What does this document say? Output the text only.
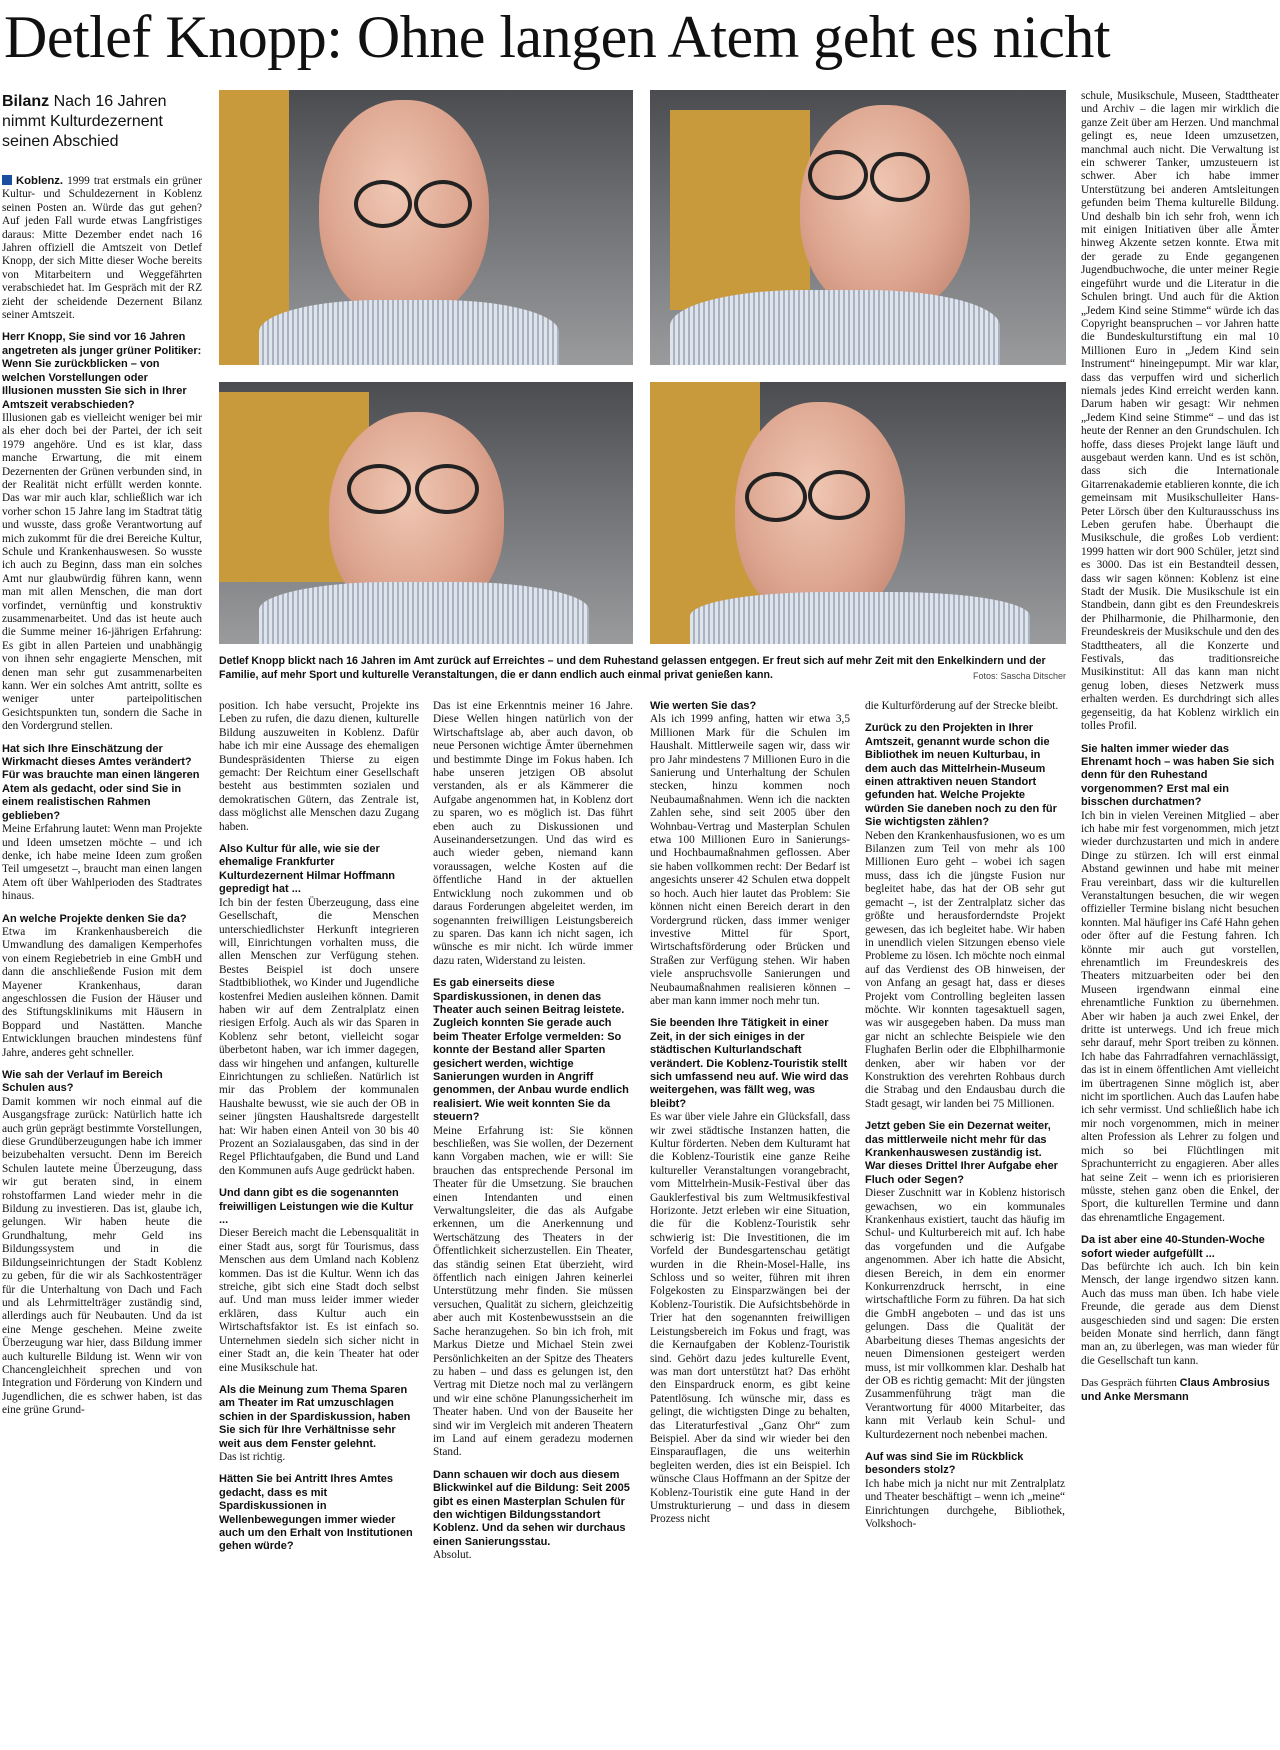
Detlef Knopp: Ohne langen Atem geht es nicht
Bilanz Nach 16 Jahren nimmt Kulturdezernent seinen Abschied

Koblenz. 1999 trat erstmals ein grüner Kultur- und Schuldezernent in Koblenz seinen Posten an. Würde das gut gehen? Auf jeden Fall wurde etwas Langfristiges daraus: Mitte Dezember endet nach 16 Jahren offiziell die Amtszeit von Detlef Knopp, der sich Mitte dieser Woche bereits von Mitarbeitern und Weggefährten verabschiedet hat. Im Gespräch mit der RZ zieht der scheidende Dezernent Bilanz seiner Amtszeit.

Herr Knopp, Sie sind vor 16 Jahren angetreten als junger grüner Politiker: Wenn Sie zurückblicken – von welchen Vorstellungen oder Illusionen mussten Sie sich in Ihrer Amtszeit verabschieden?

Illusionen gab es vielleicht weniger bei mir als eher doch bei der Partei, der ich seit 1979 angehöre. Und es ist klar, dass manche Erwartung, die mit einem Dezernenten der Grünen verbunden sind, in der Realität nicht erfüllt werden konnte. Das war mir auch klar, schließlich war ich vorher schon 15 Jahre lang im Stadtrat tätig und wusste, dass große Verantwortung auf mich zukommt für die drei Bereiche Kultur, Schule und Krankenhauswesen. So wusste ich auch zu Beginn, dass man ein solches Amt nur glaubwürdig führen kann, wenn man mit allen Menschen, die man dort vorfindet, vernünftig und konstruktiv zusammenarbeitet. Und das ist heute auch die Summe meiner 16-jährigen Erfahrung: Es gibt in allen Parteien und unabhängig von ihnen sehr engagierte Menschen, mit denen man sehr gut zusammenarbeiten kann. Wer ein solches Amt antritt, sollte es weniger unter parteipolitischen Gesichtspunkten tun, sondern die Sache in den Vordergrund stellen.

Hat sich Ihre Einschätzung der Wirkmacht dieses Amtes verändert? Für was brauchte man einen längeren Atem als gedacht, oder sind Sie in einem realistischen Rahmen geblieben?

Meine Erfahrung lautet: Wenn man Projekte und Ideen umsetzen möchte – und ich denke, ich habe meine Ideen zum großen Teil umgesetzt –, braucht man einen langen Atem oft über Wahlperioden des Stadtrates hinaus.

An welche Projekte denken Sie da?

Etwa im Krankenhausbereich die Umwandlung des damaligen Kemperhofes von einem Regiebetrieb in eine GmbH und dann die anschließende Fusion mit dem Mayener Krankenhaus, daran angeschlossen die Fusion der Häuser und des Stiftungsklinikums mit Häusern in Boppard und Nastätten. Manche Entwicklungen brauchen mindestens fünf Jahre, anderes geht schneller.

Wie sah der Verlauf im Bereich Schulen aus?

Damit kommen wir noch einmal auf die Ausgangsfrage zurück: Natürlich hatte ich auch grün geprägt bestimmte Vorstellungen, diese Grundüberzeugungen habe ich immer beizubehalten versucht. Denn im Bereich Schulen lautete meine Überzeugung, dass wir gut beraten sind, in einem rohstoffarmen Land wieder mehr in die Bildung zu investieren. Das ist, glaube ich, gelungen. Wir haben heute die Grundhaltung, mehr Geld ins Bildungssystem und in die Bildungseinrichtungen der Stadt Koblenz zu geben, für die wir als Sachkostenträger für die Unterhaltung von Dach und Fach und als Lehrmittelträger zuständig sind, allerdings auch für Neubauten. Und da ist eine Menge geschehen. Meine zweite Überzeugung war hier, dass Bildung immer auch kulturelle Bildung ist. Wenn wir von Chancengleichheit sprechen und von Integration und Förderung von Kindern und Jugendlichen, die es schwer haben, ist das eine grüne Grund-

Detlef Knopp blickt nach 16 Jahren im Amt zurück auf Erreichtes – und dem Ruhestand gelassen entgegen. Er freut sich auf mehr Zeit mit den Enkelkindern und der Familie, auf mehr Sport und kulturelle Veranstaltungen, die er dann endlich auch einmal privat genießen kann.	Fotos: Sascha Ditscher

position. Ich habe versucht, Projekte ins Leben zu rufen, die dazu dienen, kulturelle Bildung auszuweiten in Koblenz. Dafür habe ich mir eine Aussage des ehemaligen Bundespräsidenten Thierse zu eigen gemacht: Der Reichtum einer Gesellschaft besteht aus bestimmten sozialen und demokratischen Gütern, das Zentrale ist, dass möglichst alle Menschen dazu Zugang haben.

Also Kultur für alle, wie sie der ehemalige Frankfurter Kulturdezernent Hilmar Hoffmann gepredigt hat ...

Ich bin der festen Überzeugung, dass eine Gesellschaft, die Menschen unterschiedlichster Herkunft integrieren will, Einrichtungen vorhalten muss, die allen Menschen zur Verfügung stehen. Bestes Beispiel ist doch unsere Stadtbibliothek, wo Kinder und Jugendliche kostenfrei Medien ausleihen können. Damit haben wir auf dem Zentralplatz einen riesigen Erfolg. Auch als wir das Sparen in Koblenz sehr betont, vielleicht sogar überbetont haben, war ich immer dagegen, dass wir hingehen und anfangen, kulturelle Einrichtungen zu schließen. Natürlich ist mir das Problem der kommunalen Haushalte bewusst, wie sie auch der OB in seiner jüngsten Haushaltsrede dargestellt hat: Wir haben einen Anteil von 30 bis 40 Prozent an Sozialausgaben, das sind in der Regel Pflichtaufgaben, die Bund und Land den Kommunen aufs Auge gedrückt haben.

Und dann gibt es die sogenannten freiwilligen Leistungen wie die Kultur ...

Dieser Bereich macht die Lebensqualität in einer Stadt aus, sorgt für Tourismus, dass Menschen aus dem Umland nach Koblenz kommen. Das ist die Kultur. Wenn ich das streiche, gibt sich eine Stadt doch selbst auf. Und man muss leider immer wieder erklären, dass Kultur auch ein Wirtschaftsfaktor ist. Es ist einfach so. Unternehmen siedeln sich sicher nicht in einer Stadt an, die kein Theater hat oder eine Musikschule hat.

Als die Meinung zum Thema Sparen am Theater im Rat umzuschlagen schien in der Spardiskussion, haben Sie sich für Ihre Verhältnisse sehr weit aus dem Fenster gelehnt.

Das ist richtig.

Hätten Sie bei Antritt Ihres Amtes gedacht, dass es mit Spardiskussionen in Wellenbewegungen immer wieder auch um den Erhalt von Institutionen gehen würde?

Das ist eine Erkenntnis meiner 16 Jahre. Diese Wellen hingen natürlich von der Wirtschaftslage ab, aber auch davon, ob neue Personen wichtige Ämter übernehmen und bestimmte Dinge im Fokus haben. Ich habe unseren jetzigen OB absolut verstanden, als er als Kämmerer die Aufgabe angenommen hat, in Koblenz dort zu sparen, wo es möglich ist. Das führt eben auch zu Diskussionen und Auseinandersetzungen. Und das wird es auch wieder geben, niemand kann voraussagen, welche Kosten auf die öffentliche Hand in der aktuellen Entwicklung noch zukommen und ob daraus Forderungen abgeleitet werden, im sogenannten freiwilligen Leistungsbereich zu sparen. Das kann ich nicht sagen, ich wünsche es mir nicht. Ich würde immer dazu raten, Widerstand zu leisten.

Es gab einerseits diese Spardiskussionen, in denen das Theater auch seinen Beitrag leistete. Zugleich konnten Sie gerade auch beim Theater Erfolge vermelden: So konnte der Bestand aller Sparten gesichert werden, wichtige Sanierungen wurden in Angriff genommen, der Anbau wurde endlich realisiert. Wie weit konnten Sie da steuern?

Meine Erfahrung ist: Sie können beschließen, was Sie wollen, der Dezernent kann Vorgaben machen, wie er will: Sie brauchen das entsprechende Personal im Theater für die Umsetzung. Sie brauchen einen Intendanten und einen Verwaltungsleiter, die das als Aufgabe erkennen, um die Anerkennung und Wertschätzung des Theaters in der Öffentlichkeit sicherzustellen. Ein Theater, das ständig seinen Etat überzieht, wird öffentlich nach einigen Jahren keinerlei Unterstützung mehr finden. Sie müssen versuchen, Qualität zu sichern, gleichzeitig aber auch mit Kostenbewusstsein an die Sache heranzugehen. So bin ich froh, mit Markus Dietze und Michael Stein zwei Persönlichkeiten an der Spitze des Theaters zu haben – und dass es gelungen ist, den Vertrag mit Dietze noch mal zu verlängern und wir eine schöne Planungssicherheit im Theater haben. Und von der Bauseite her sind wir im Vergleich mit anderen Theatern im Land auf einem geradezu modernen Stand.

Dann schauen wir doch aus diesem Blickwinkel auf die Bildung: Seit 2005 gibt es einen Masterplan Schulen für den wichtigen Bildungsstandort Koblenz. Und da sehen wir durchaus einen Sanierungsstau.

Absolut.

Wie werten Sie das?

Als ich 1999 anfing, hatten wir etwa 3,5 Millionen Mark für die Schulen im Haushalt. Mittlerweile sagen wir, dass wir pro Jahr mindestens 7 Millionen Euro in die Sanierung und Unterhaltung der Schulen stecken, hinzu kommen noch Neubaumaßnahmen. Wenn ich die nackten Zahlen sehe, sind seit 2005 über den Wohnbau-Vertrag und Masterplan Schulen etwa 100 Millionen Euro in Sanierungs- und Hochbaumaßnahmen geflossen. Aber sie haben vollkommen recht: Der Bedarf ist angesichts unserer 42 Schulen etwa doppelt so hoch. Auch hier lautet das Problem: Sie können nicht einen Bereich derart in den Vordergrund rücken, dass immer weniger investive Mittel für Sport, Wirtschaftsförderung oder Brücken und Straßen zur Verfügung stehen. Wir haben viele anspruchsvolle Sanierungen und Neubaumaßnahmen realisieren können – aber man kann immer noch mehr tun.

Sie beenden Ihre Tätigkeit in einer Zeit, in der sich einiges in der städtischen Kulturlandschaft verändert. Die Koblenz-Touristik stellt sich umfassend neu auf. Wie wird das weitergehen, was fällt weg, was bleibt?

Es war über viele Jahre ein Glücksfall, dass wir zwei städtische Instanzen hatten, die Kultur förderten. Neben dem Kulturamt hat die Koblenz-Touristik eine ganze Reihe kultureller Veranstaltungen vorangebracht, vom Mittelrhein-Musik-Festival über das Gauklerfestival bis zum Weltmusikfestival Horizonte. Jetzt erleben wir eine Situation, die für die Koblenz-Touristik sehr schwierig ist: Die Investitionen, die im Vorfeld der Bundesgartenschau getätigt wurden in die Rhein-Mosel-Halle, ins Schloss und so weiter, führen mit ihren Folgekosten zu Einsparzwängen bei der Koblenz-Touristik. Die Aufsichtsbehörde in Trier hat den sogenannten freiwilligen Leistungsbereich im Fokus und fragt, was die Kernaufgaben der Koblenz-Touristik sind. Gehört dazu jedes kulturelle Event, was man dort unterstützt hat? Das erhöht den Einspardruck enorm, es gibt keine Patentlösung. Ich wünsche mir, dass es gelingt, die wichtigsten Dinge zu behalten, das Literaturfestival „Ganz Ohr“ zum Beispiel. Aber da sind wir wieder bei den Einsparauflagen, die uns weiterhin begleiten werden, dies ist ein Beispiel. Ich wünsche Claus Hoffmann an der Spitze der Koblenz-Touristik eine gute Hand in der Umstrukturierung – und dass in diesem Prozess nicht

die Kulturförderung auf der Strecke bleibt.

Zurück zu den Projekten in Ihrer Amtszeit, genannt wurde schon die Bibliothek im neuen Kulturbau, in dem auch das Mittelrhein-Museum einen attraktiven neuen Standort gefunden hat. Welche Projekte würden Sie daneben noch zu den für Sie wichtigsten zählen?

Neben den Krankenhausfusionen, wo es um Bilanzen zum Teil von mehr als 100 Millionen Euro geht – wobei ich sagen muss, dass ich die jüngste Fusion nur begleitet habe, das hat der OB sehr gut gemacht –, ist der Zentralplatz sicher das größte und herausforderndste Projekt gewesen, das ich begleitet habe. Wir haben in unendlich vielen Sitzungen ebenso viele Probleme zu lösen. Ich möchte noch einmal auf das Verdienst des OB hinweisen, der von Anfang an gesagt hat, dass er dieses Projekt vom Controlling begleiten lassen möchte. Wir konnten tagesaktuell sagen, was wir ausgegeben haben. Da muss man gar nicht an schlechte Beispiele wie den Flughafen Berlin oder die Elbphilharmonie denken, aber wir haben vor der Konstruktion des verehrten Rohbaus durch die Strabag und den Endausbau durch die Stadt gesagt, wir landen bei 75 Millionen.

Jetzt geben Sie ein Dezernat weiter, das mittlerweile nicht mehr für das Krankenhauswesen zuständig ist. War dieses Drittel Ihrer Aufgabe eher Fluch oder Segen?

Dieser Zuschnitt war in Koblenz historisch gewachsen, wo ein kommunales Krankenhaus existiert, taucht das häufig im Schul- und Kulturbereich mit auf. Ich habe das vorgefunden und die Aufgabe angenommen. Aber ich hatte die Absicht, diesen Bereich, in dem ein enormer Konkurrenzdruck herrscht, in eine wirtschaftliche Form zu führen. Da hat sich die GmbH angeboten – und das ist uns gelungen. Dass die Qualität der Abarbeitung dieses Themas angesichts der neuen Dimensionen gesteigert werden muss, ist mir vollkommen klar. Deshalb hat der OB es richtig gemacht: Mit der jüngsten Zusammenführung trägt man die Verantwortung für 4000 Mitarbeiter, das kann mit Verlaub kein Schul- und Kulturdezernent noch nebenbei machen.

Auf was sind Sie im Rückblick besonders stolz?

Ich habe mich ja nicht nur mit Zentralplatz und Theater beschäftigt – wenn ich „meine“ Einrichtungen durchgehe, Bibliothek, Volkshoch-

schule, Musikschule, Museen, Stadttheater und Archiv – die lagen mir wirklich die ganze Zeit über am Herzen. Und manchmal gelingt es, neue Ideen umzusetzen, manchmal auch nicht. Die Verwaltung ist ein schwerer Tanker, umzusteuern ist schwer. Aber ich habe immer Unterstützung bei anderen Amtsleitungen gefunden beim Thema kulturelle Bildung. Und deshalb bin ich sehr froh, wenn ich mit einigen Initiativen über alle Ämter hinweg Akzente setzen konnte. Etwa mit der gerade zu Ende gegangenen Jugendbuchwoche, die unter meiner Regie eingeführt wurde und die Literatur in die Schulen bringt. Und auch für die Aktion „Jedem Kind seine Stimme“ würde ich das Copyright beanspruchen – vor Jahren hatte die Bundeskulturstiftung ein mal 10 Millionen Euro in „Jedem Kind sein Instrument“ hineingepumpt. Mir war klar, dass das verpuffen wird und sicherlich niemals jedes Kind erreicht werden kann. Darum haben wir gesagt: Wir nehmen „Jedem Kind seine Stimme“ – und das ist heute der Renner an den Grundschulen. Ich hoffe, dass dieses Projekt lange läuft und ausgebaut werden kann. Und es ist schön, dass sich die Internationale Gitarrenakademie etablieren konnte, die ich gemeinsam mit Musikschulleiter Hans-Peter Lörsch über den Kulturausschuss ins Leben gerufen habe. Überhaupt die Musikschule, die großes Lob verdient: 1999 hatten wir dort 900 Schüler, jetzt sind es 3000. Das ist ein Bestandteil dessen, dass wir sagen können: Koblenz ist eine Stadt der Musik. Die Musikschule ist ein Standbein, dann gibt es den Freundeskreis der Philharmonie, die Philharmonie, den Freundeskreis der Musikschule und den des Stadttheaters, all die Konzerte und Festivals, das traditionsreiche Musikinstitut: All das kann man nicht genug loben, dieses Netzwerk muss erhalten werden. Es durchdringt sich alles gegenseitig, da hat Koblenz wirklich ein tolles Profil.

Sie halten immer wieder das Ehrenamt hoch – was haben Sie sich denn für den Ruhestand vorgenommen? Erst mal ein bisschen durchatmen?

Ich bin in vielen Vereinen Mitglied – aber ich habe mir fest vorgenommen, mich jetzt wieder durchzustarten und mich in andere Dinge zu stürzen. Ich will erst einmal Abstand gewinnen und habe mit meiner Frau vereinbart, dass wir die kulturellen Veranstaltungen besuchen, die wir wegen offizieller Termine bislang nicht besuchen konnten. Mal häufiger ins Café Hahn gehen oder öfter auf die Festung fahren. Ich könnte mir auch gut vorstellen, ehrenamtlich im Freundeskreis des Theaters mitzuarbeiten oder bei den Museen irgendwann einmal eine ehrenamtliche Funktion zu übernehmen. Aber wir haben ja auch zwei Enkel, der dritte ist unterwegs. Und ich freue mich sehr darauf, mehr Sport treiben zu können. Ich habe das Fahrradfahren vernachlässigt, das ist in einem öffentlichen Amt vielleicht im übertragenen Sinne möglich ist, aber nicht im sportlichen. Auch das Laufen habe ich sehr vermisst. Und schließlich habe ich mir noch vorgenommen, mich in meiner alten Profession als Lehrer zu folgen und mich so bei Flüchtlingen mit Sprachunterricht zu engagieren. Aber alles hat seine Zeit – wenn ich es priorisieren müsste, stehen ganz oben die Enkel, der Sport, die kulturellen Termine und dann das ehrenamtliche Engagement.

Da ist aber eine 40-Stunden-Woche sofort wieder aufgefüllt ...

Das befürchte ich auch. Ich bin kein Mensch, der lange irgendwo sitzen kann. Auch das muss man üben. Ich habe viele Freunde, die gerade aus dem Dienst ausgeschieden sind und sagen: Die ersten beiden Monate sind herrlich, dann fängt man an, zu überlegen, was man wieder für die Gesellschaft tun kann.

Das Gespräch führten Claus Ambrosius und Anke Mersmann
